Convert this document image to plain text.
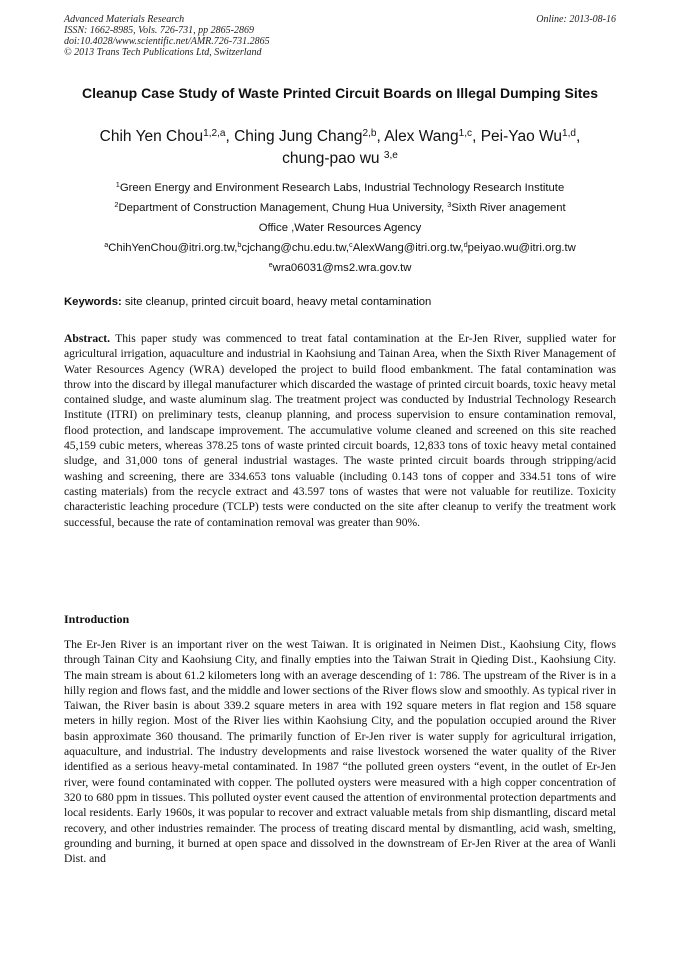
Advanced Materials Research
ISSN: 1662-8985, Vols. 726-731, pp 2865-2869
doi:10.4028/www.scientific.net/AMR.726-731.2865
© 2013 Trans Tech Publications Ltd, Switzerland
Online: 2013-08-16
Cleanup Case Study of Waste Printed Circuit Boards on Illegal Dumping Sites
Chih Yen Chou$^{1,2,a}$, Ching Jung Chang$^{2,b}$, Alex Wang$^{1,c}$, Pei-Yao Wu$^{1,d}$,
chung-pao wu $^{3,e}$
$^1$Green Energy and Environment Research Labs, Industrial Technology Research Institute
$^2$Department of Construction Management, Chung Hua University, $^3$Sixth River anagement
Office ,Water Resources Agency
$^a$ChihYenChou@itri.org.tw,$^b$cjchang@chu.edu.tw,$^c$AlexWang@itri.org.tw,$^d$peiyao.wu@itri.org.tw
$^e$wra06031@ms2.wra.gov.tw
Keywords: site cleanup, printed circuit board, heavy metal contamination
Abstract. This paper study was commenced to treat fatal contamination at the Er-Jen River, supplied water for agricultural irrigation, aquaculture and industrial in Kaohsiung and Tainan Area, when the Sixth River Management of Water Resources Agency (WRA) developed the project to build flood embankment. The fatal contamination was throw into the discard by illegal manufacturer which discarded the wastage of printed circuit boards, toxic heavy metal contained sludge, and waste aluminum slag. The treatment project was conducted by Industrial Technology Research Institute (ITRI) on preliminary tests, cleanup planning, and process supervision to ensure contamination removal, flood protection, and landscape improvement. The accumulative volume cleaned and screened on this site reached 45,159 cubic meters, whereas 378.25 tons of waste printed circuit boards, 12,833 tons of toxic heavy metal contained sludge, and 31,000 tons of general industrial wastages. The waste printed circuit boards through stripping/acid washing and screening, there are 334.653 tons valuable (including 0.143 tons of copper and 334.51 tons of wire casting materials) from the recycle extract and 43.597 tons of wastes that were not valuable for reutilize. Toxicity characteristic leaching procedure (TCLP) tests were conducted on the site after cleanup to verify the treatment work successful, because the rate of contamination removal was greater than 90%.
Introduction
The Er-Jen River is an important river on the west Taiwan. It is originated in Neimen Dist., Kaohsiung City, flows through Tainan City and Kaohsiung City, and finally empties into the Taiwan Strait in Qieding Dist., Kaohsiung City. The main stream is about 61.2 kilometers long with an average descending of 1: 786. The upstream of the River is in a hilly region and flows fast, and the middle and lower sections of the River flows slow and smoothly. As typical river in Taiwan, the River basin is about 339.2 square meters in area with 192 square meters in flat region and 158 square meters in hilly region. Most of the River lies within Kaohsiung City, and the population occupied around the River basin approximate 360 thousand. The primarily function of Er-Jen river is water supply for agricultural irrigation, aquaculture, and industrial. The industry developments and raise livestock worsened the water quality of the River identified as a serious heavy-metal contaminated. In 1987 “the polluted green oysters “event, in the outlet of Er-Jen river, were found contaminated with copper. The polluted oysters were measured with a high copper concentration of 320 to 680 ppm in tissues. This polluted oyster event caused the attention of environmental protection departments and local residents. Early 1960s, it was popular to recover and extract valuable metals from ship dismantling, discard metal recovery, and other industries remainder. The process of treating discard mental by dismantling, acid wash, smelting, grounding and burning, it burned at open space and dissolved in the downstream of Er-Jen River at the area of Wanli Dist. and
